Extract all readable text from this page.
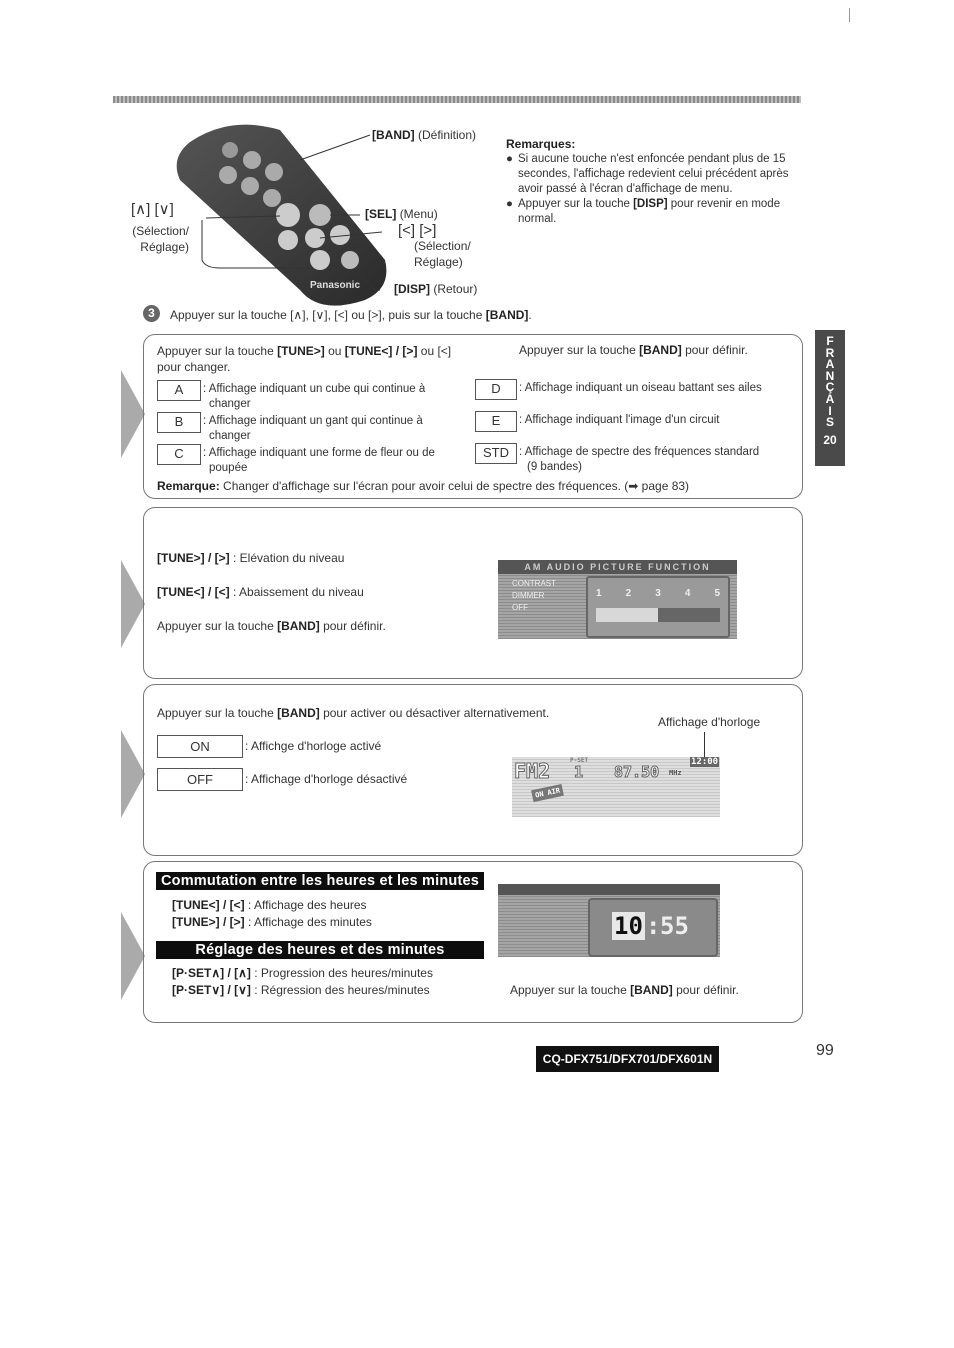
Panasonic
[BAND] (Définition)
[SEL] (Menu)
[∧] [∨]
(Sélection/
Réglage)
[<] [>]
(Sélection/
Réglage)
[DISP] (Retour)
Remarques:
● Si aucune touche n'est enfoncée pendant plus de 15
secondes, l'affichage redevient celui précédent après
avoir passé à l'écran d'affichage de menu.
● Appuyer sur la touche [DISP] pour revenir en mode
normal.
3	Appuyer sur la touche [∧], [∨], [<] ou [>], puis sur la touche [BAND].
F
R
A
N
Ç
A
I
S
20
Appuyer sur la touche [TUNE>] ou [TUNE<] / [>] ou [<]
pour changer.
Appuyer sur la touche [BAND] pour définir.
A	: Affichage indiquant un cube qui continue à
changer
B	: Affichage indiquant un gant qui continue à
changer
C	: Affichage indiquant une forme de fleur ou de
poupée
D	: Affichage indiquant un oiseau battant ses ailes
E	: Affichage indiquant l'image d'un circuit
STD : Affichage de spectre des fréquences standard
(9 bandes)
Remarque: Changer d'affichage sur l'écran pour avoir celui de spectre des fréquences. (➡ page 83)
[TUNE>] / [>] : Elévation du niveau
[TUNE<] / [<] : Abaissement du niveau
Appuyer sur la touche [BAND] pour définir.
AM AUDIO PICTURE FUNCTION
CONTRAST
DIMMER
OFF
1 2 3 4 5
Appuyer sur la touche [BAND] pour activer ou désactiver alternativement.
ON	: Affichge d'horloge activé
OFF	: Affichage d'horloge désactivé
Affichage d'horloge
FM2	P-SET
1 87.50 MHz
12:00
ON AIR
Commutation entre les heures et les minutes
[TUNE<] / [<] : Affichage des heures
[TUNE>] / [>] : Affichage des minutes
Réglage des heures et des minutes
[P·SET∧] / [∧] : Progression des heures/minutes
[P·SET∨] / [∨] : Régression des heures/minutes	Appuyer sur la touche [BAND] pour définir.
10 : 55
CQ-DFX751/DFX701/DFX601N	99
